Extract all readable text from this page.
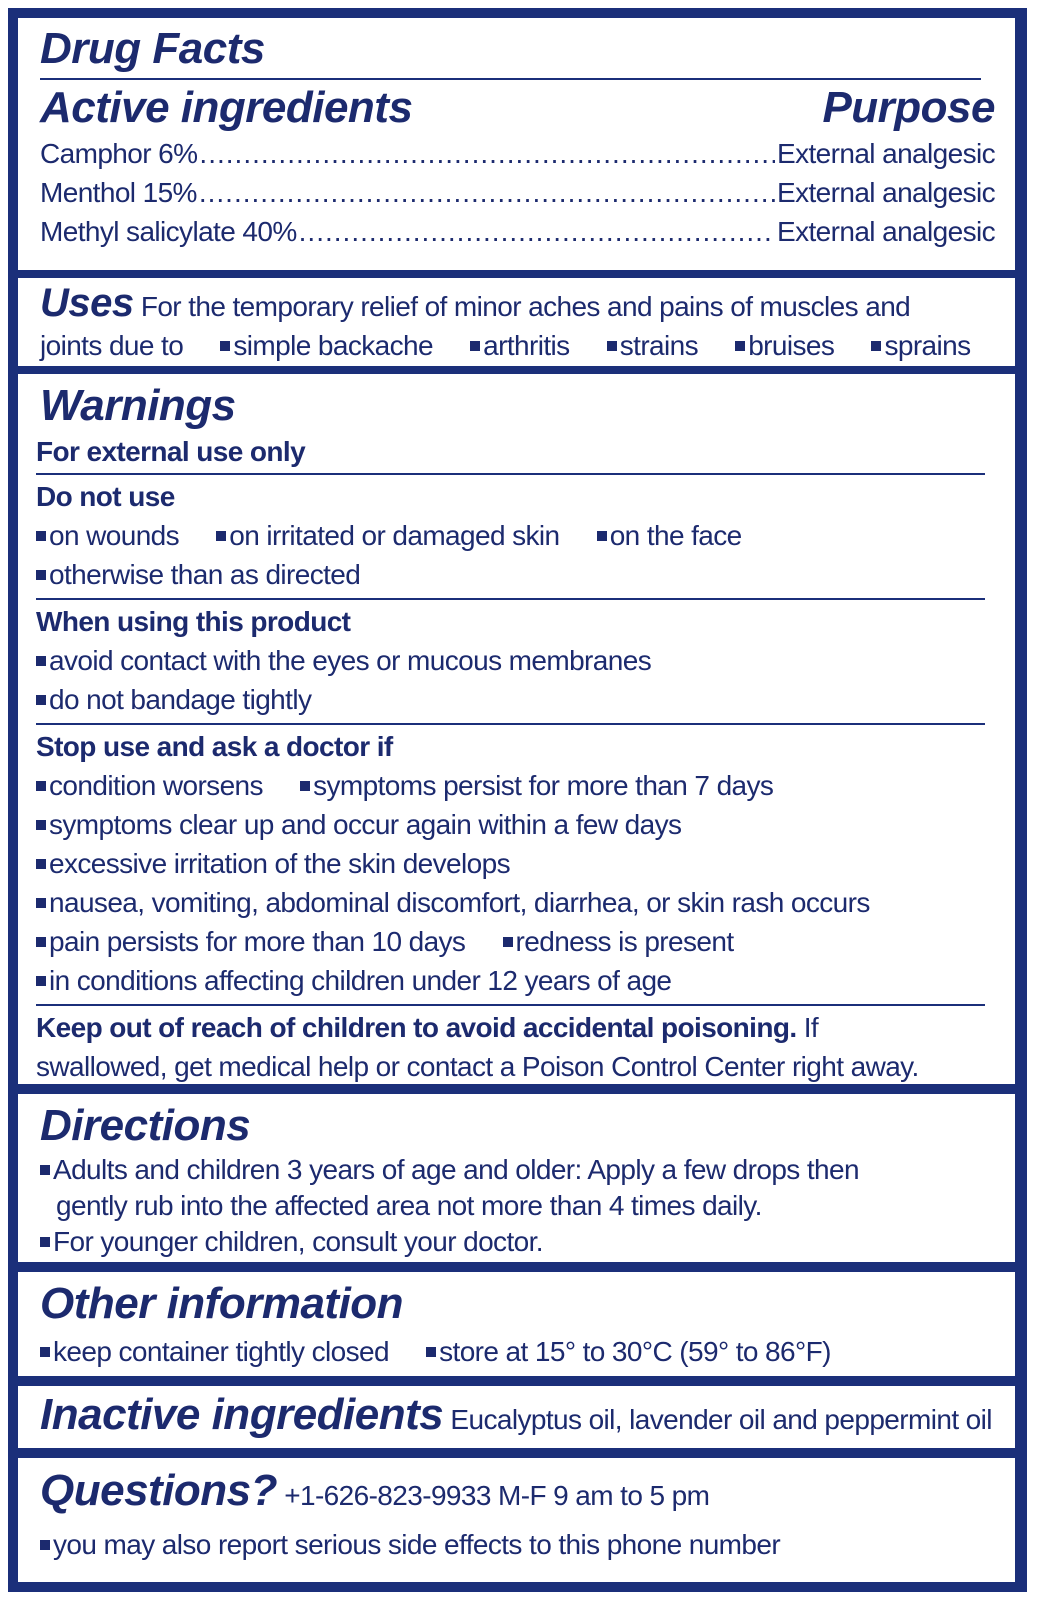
Drug Facts
Active ingredients	Purpose
Camphor 6% .....	External analgesic
Menthol 15% .....	External analgesic
Methyl salicylate 40% .....	External analgesic
Uses For the temporary relief of minor aches and pains of muscles and
joints due to simple backache arthritis strains bruises sprains
Warnings
For external use only
Do not use
on wounds on irritated or damaged skin on the face
otherwise than as directed
When using this product
avoid contact with the eyes or mucous membranes
do not bandage tightly
Stop use and ask a doctor if
condition worsens symptoms persist for more than 7 days
symptoms clear up and occur again within a few days
excessive irritation of the skin develops
nausea, vomiting, abdominal discomfort, diarrhea, or skin rash occurs
pain persists for more than 10 days redness is present
in conditions affecting children under 12 years of age
Keep out of reach of children to avoid accidental poisoning. If
swallowed, get medical help or contact a Poison Control Center right away.
Directions
Adults and children 3 years of age and older: Apply a few drops then
gently rub into the affected area not more than 4 times daily.
For younger children, consult your doctor.
Other information
keep container tightly closed store at 15° to 30°C (59° to 86°F)
Inactive ingredients Eucalyptus oil, lavender oil and peppermint oil
Questions? +1-626-823-9933 M-F 9 am to 5 pm
you may also report serious side effects to this phone number
